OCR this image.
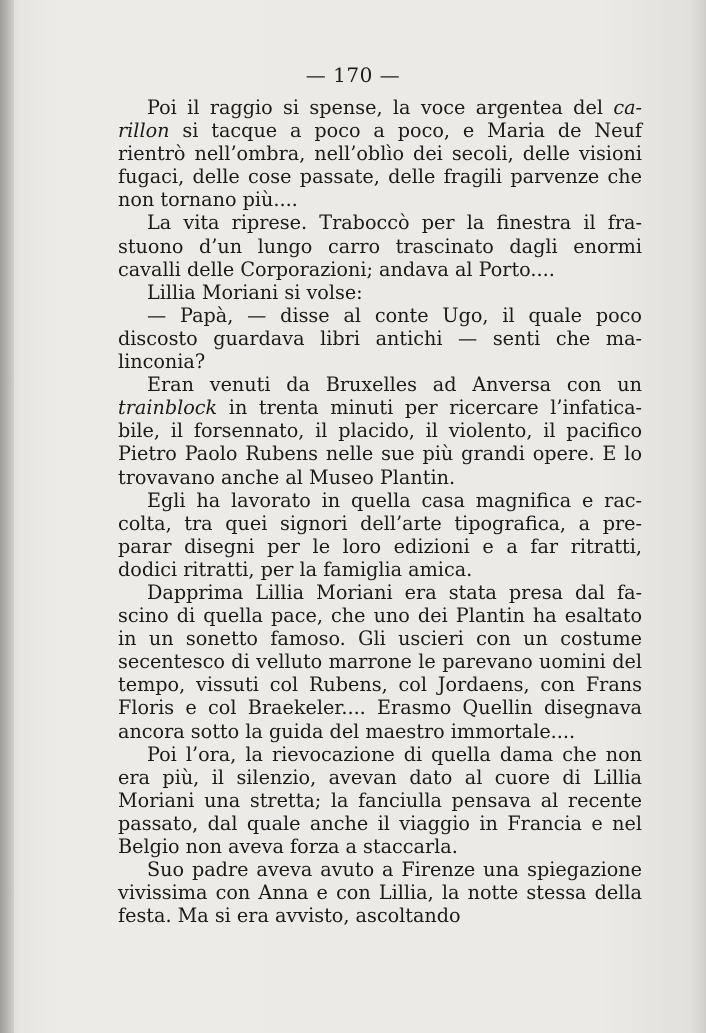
— 170 —

Poi il raggio si spense, la voce argentea del carillon si tacque a poco a poco, e Maria de Neuf rientrò nell’ombra, nell’oblìo dei secoli, delle visioni fugaci, delle cose passate, delle fragili parvenze che non tornano più....

La vita riprese. Traboccò per la finestra il frastuono d’un lungo carro trascinato dagli enormi cavalli delle Corporazioni; andava al Porto....

Lillia Moriani si volse:

— Papà, — disse al conte Ugo, il quale poco discosto guardava libri antichi — senti che malinconia?

Eran venuti da Bruxelles ad Anversa con un trainblock in trenta minuti per ricercare l’infaticabile, il forsennato, il placido, il violento, il pacifico Pietro Paolo Rubens nelle sue più grandi opere. E lo trovavano anche al Museo Plantin.

Egli ha lavorato in quella casa magnifica e raccolta, tra quei signori dell’arte tipografica, a preparar disegni per le loro edizioni e a far ritratti, dodici ritratti, per la famiglia amica.

Dapprima Lillia Moriani era stata presa dal fascino di quella pace, che uno dei Plantin ha esaltato in un sonetto famoso. Gli uscieri con un costume secentesco di velluto marrone le parevano uomini del tempo, vissuti col Rubens, col Jordaens, con Frans Floris e col Braekeler.... Erasmo Quellin disegnava ancora sotto la guida del maestro immortale....

Poi l’ora, la rievocazione di quella dama che non era più, il silenzio, avevan dato al cuore di Lillia Moriani una stretta; la fanciulla pensava al recente passato, dal quale anche il viaggio in Francia e nel Belgio non aveva forza a staccarla.

Suo padre aveva avuto a Firenze una spiegazione vivissima con Anna e con Lillia, la notte stessa della festa. Ma si era avvisto, ascoltando
